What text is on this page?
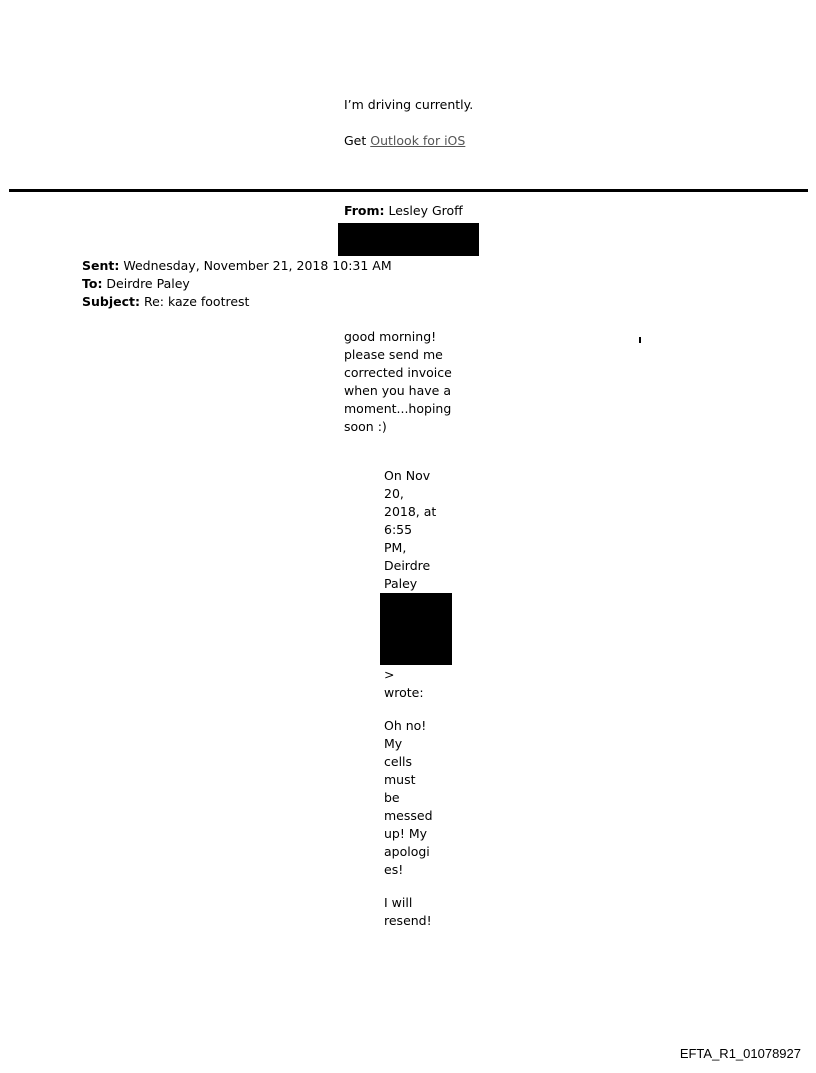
I’m driving currently.
Get Outlook for iOS
From: Lesley Groff
Sent: Wednesday, November 21, 2018 10:31 AM
To: Deirdre Paley
Subject: Re: kaze footrest
good morning!
please send me
corrected invoice
when you have a
moment...hoping
soon :)
On Nov
20,
2018, at
6:55
PM,
Deirdre
Paley
>
wrote:
Oh no!
My
cells
must
be
messed
up! My
apologi
es!
I will
resend!
EFTA_R1_01078927
